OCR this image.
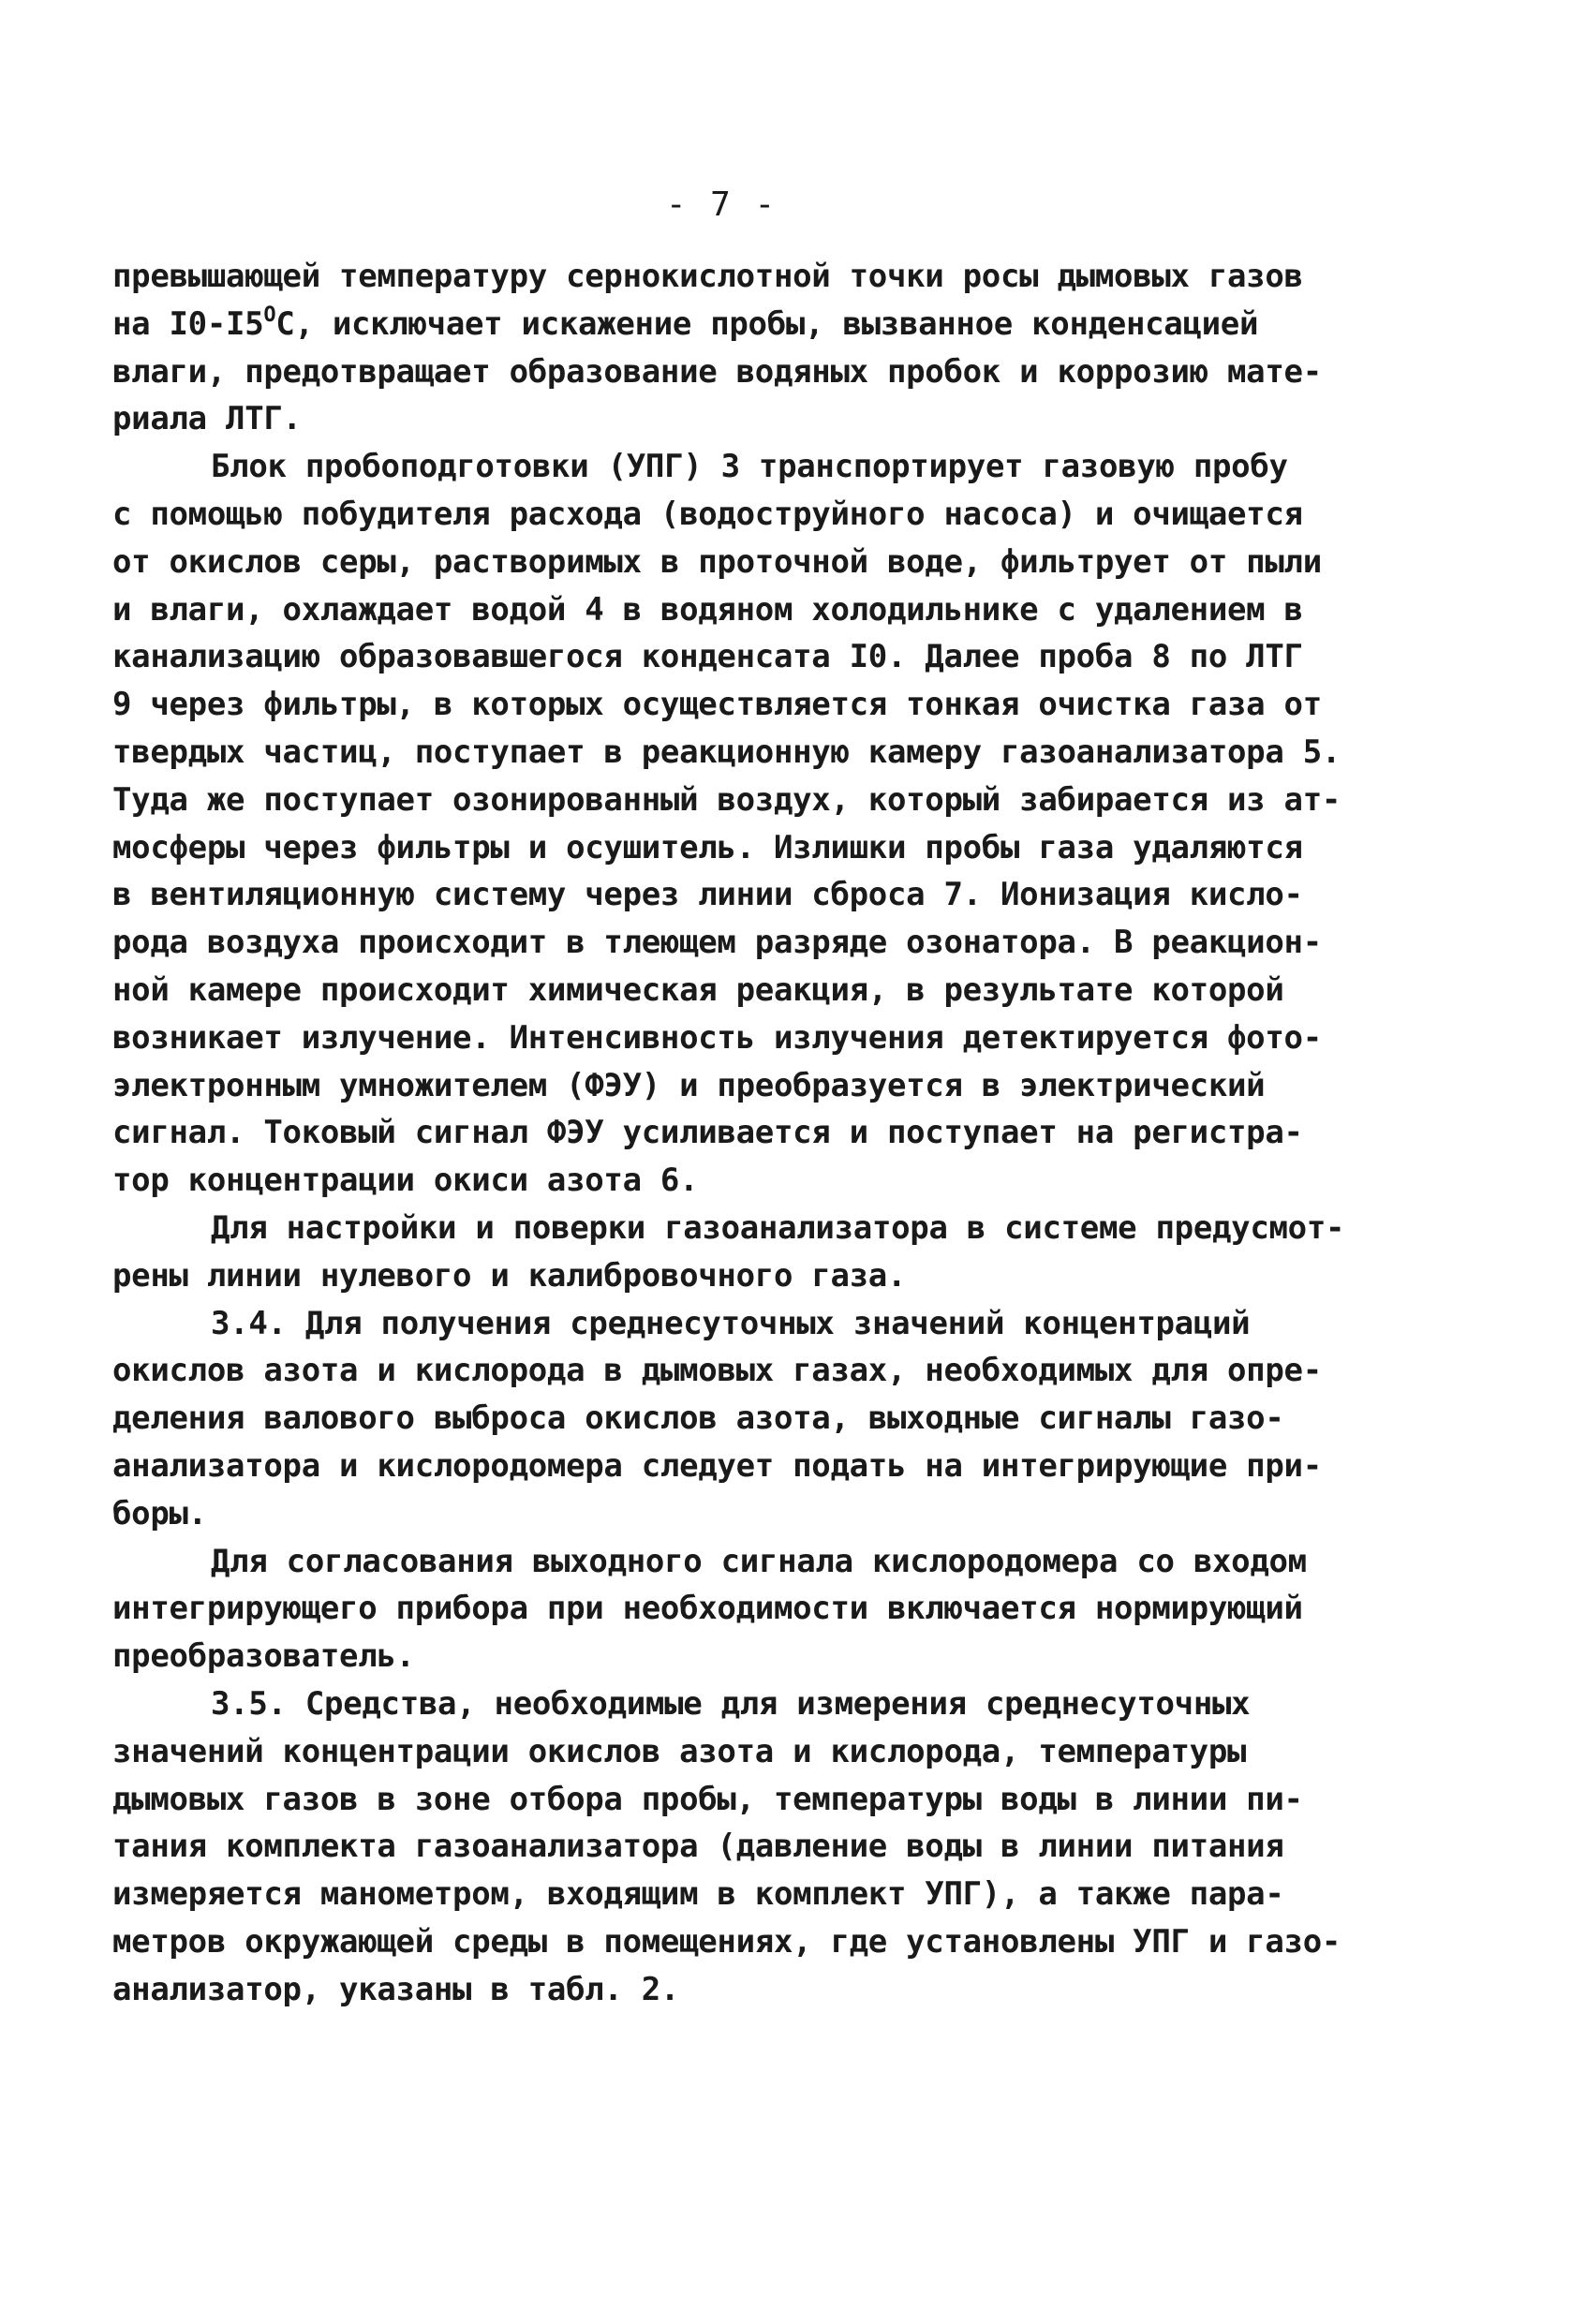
- 7 -
превышающей температуру сернокислотной точки росы дымовых газов
на $I0-I5^ОС$, исключает искажение пробы, вызванное конденсацией
влаги, предотвращает образование водяных пробок и коррозию мате-
риала ЛТГ.
Блок пробоподготовки (УПГ) 3 транспортирует газовую пробу
с помощью побудителя расхода (водоструйного насоса) и очищается
от окислов серы, растворимых в проточной воде, фильтрует от пыли
и влаги, охлаждает водой 4 в водяном холодильнике с удалением в
канализацию образовавшегося конденсата I0. Далее проба 8 по ЛТГ
9 через фильтры, в которых осуществляется тонкая очистка газа от
твердых частиц, поступает в реакционную камеру газоанализатора 5.
Туда же поступает озонированный воздух, который забирается из ат-
мосферы через фильтры и осушитель. Излишки пробы газа удаляются
в вентиляционную систему через линии сброса 7. Ионизация кисло-
рода воздуха происходит в тлеющем разряде озонатора. В реакцион-
ной камере происходит химическая реакция, в результате которой
возникает излучение. Интенсивность излучения детектируется фото-
электронным умножителем (ФЭУ) и преобразуется в электрический
сигнал. Токовый сигнал ФЭУ усиливается и поступает на регистра-
тор концентрации окиси азота 6.
Для настройки и поверки газоанализатора в системе предусмот-
рены линии нулевого и калибровочного газа.
3.4. Для получения среднесуточных значений концентраций
окислов азота и кислорода в дымовых газах, необходимых для опре-
деления валового выброса окислов азота, выходные сигналы газо-
анализатора и кислородомера следует подать на интегрирующие при-
боры.
Для согласования выходного сигнала кислородомера со входом
интегрирующего прибора при необходимости включается нормирующий
преобразователь.
3.5. Средства, необходимые для измерения среднесуточных
значений концентрации окислов азота и кислорода, температуры
дымовых газов в зоне отбора пробы, температуры воды в линии пи-
тания комплекта газоанализатора (давление воды в линии питания
измеряется манометром, входящим в комплект УПГ), а также пара-
метров окружающей среды в помещениях, где установлены УПГ и газо-
анализатор, указаны в табл. 2.
